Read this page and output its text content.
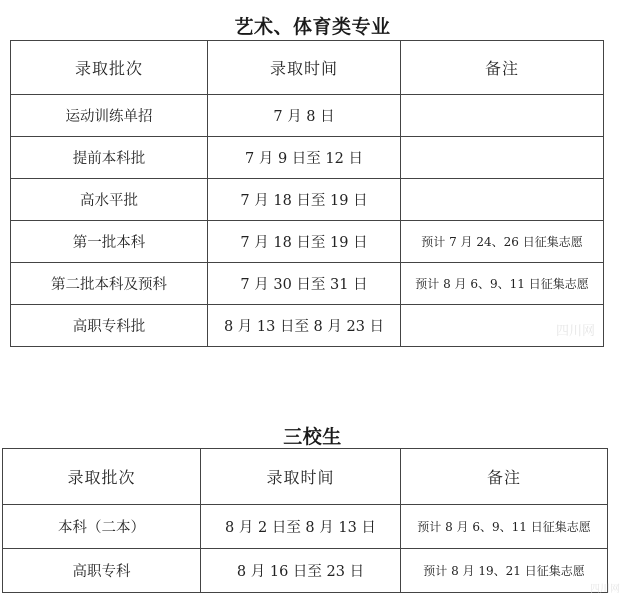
艺术、体育类专业
录取批次	录取时间	备注
运动训练单招	7 月 8 日	
提前本科批	7 月 9 日至 12 日	
高水平批	7 月 18 日至 19 日	
第一批本科	7 月 18 日至 19 日	预计 7 月 24、26 日征集志愿
第二批本科及预科	7 月 30 日至 31 日	预计 8 月 6、9、11 日征集志愿
高职专科批	8 月 13 日至 8 月 23 日		四川网
三校生
录取批次	录取时间	备注
本科（二本）	8 月 2 日至 8 月 13 日	预计 8 月 6、9、11 日征集志愿
高职专科	8 月 16 日至 23 日	预计 8 月 19、21 日征集志愿
四川网
